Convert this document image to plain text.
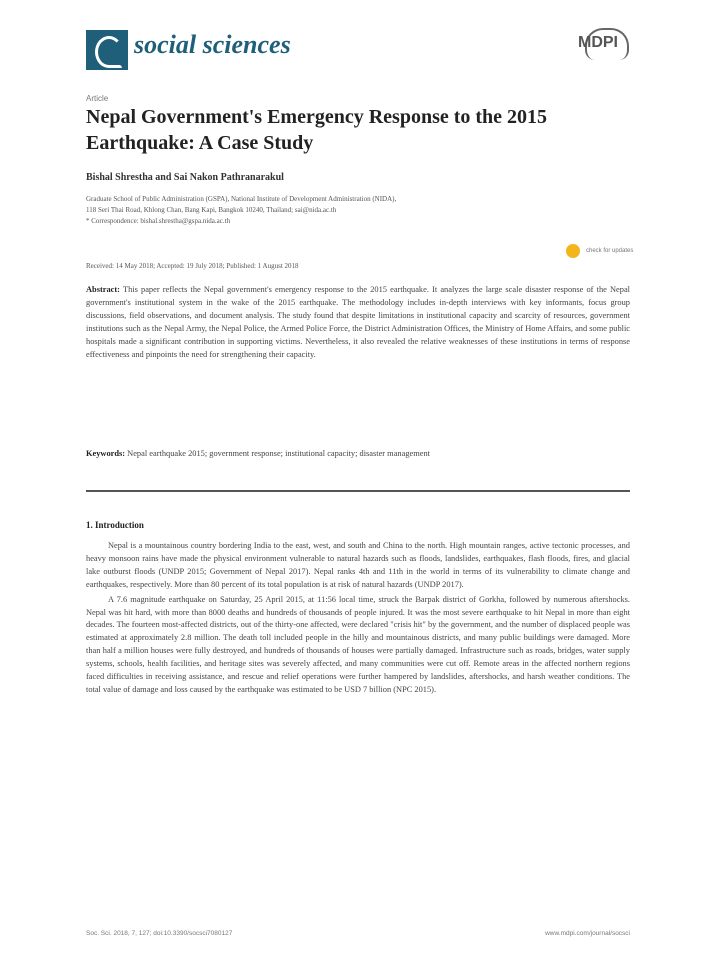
social sciences	MDPI
Article
Nepal Government's Emergency Response to the 2015 Earthquake: A Case Study
Bishal Shrestha and Sai Nakon Pathranarakul
Graduate School of Public Administration (GSPA), National Institute of Development Administration (NIDA),
118 Seri Thai Road, Khlong Chan, Bang Kapi, Bangkok 10240, Thailand; sai@nida.ac.th
* Correspondence: bishal.shrestha@gspa.nida.ac.th
check for updates
Received: 14 May 2018; Accepted: 19 July 2018; Published: 1 August 2018
Abstract: This paper reflects the Nepal government's emergency response to the 2015 earthquake. It analyzes the large scale disaster response of the Nepal government's institutional system in the wake of the 2015 earthquake. The methodology includes in-depth interviews with key informants, focus group discussions, field observations, and document analysis. The study found that despite limitations in institutional capacity and scarcity of resources, government institutions such as the Nepal Army, the Nepal Police, the Armed Police Force, the District Administration Offices, the Ministry of Home Affairs, and some public hospitals made a significant contribution in supporting victims. Nevertheless, it also revealed the relative weaknesses of these institutions in terms of response effectiveness and pinpoints the need for strengthening their capacity.
Keywords: Nepal earthquake 2015; government response; institutional capacity; disaster management
1. Introduction

Nepal is a mountainous country bordering India to the east, west, and south and China to the north. High mountain ranges, active tectonic processes, and heavy monsoon rains have made the physical environment vulnerable to natural hazards such as floods, landslides, earthquakes, flash floods, fires, and glacial lake outburst floods (UNDP 2015; Government of Nepal 2017). Nepal ranks 4th and 11th in the world in terms of its vulnerability to climate change and earthquakes, respectively. More than 80 percent of its total population is at risk of natural hazards (UNDP 2017).

A 7.6 magnitude earthquake on Saturday, 25 April 2015, at 11:56 local time, struck the Barpak district of Gorkha, followed by numerous aftershocks. Nepal was hit hard, with more than 8000 deaths and hundreds of thousands of people injured. It was the most severe earthquake to hit Nepal in more than eight decades. The fourteen most-affected districts, out of the thirty-one affected, were declared "crisis hit" by the government, and the number of displaced people was estimated at approximately 2.8 million. The death toll included people in the hilly and mountainous districts, and many public buildings were damaged. More than half a million houses were fully destroyed, and hundreds of thousands of houses were partially damaged. Infrastructure such as roads, bridges, water supply systems, schools, health facilities, and heritage sites was severely affected, and many communities were cut off. Remote areas in the affected northern regions faced difficulties in receiving assistance, and rescue and relief operations were further hampered by landslides, aftershocks, and harsh weather conditions. The total value of damage and loss caused by the earthquake was estimated to be USD 7 billion (NPC 2015).

Soc. Sci. 2018, 7, 127; doi:10.3390/socsci7080127	www.mdpi.com/journal/socsci
